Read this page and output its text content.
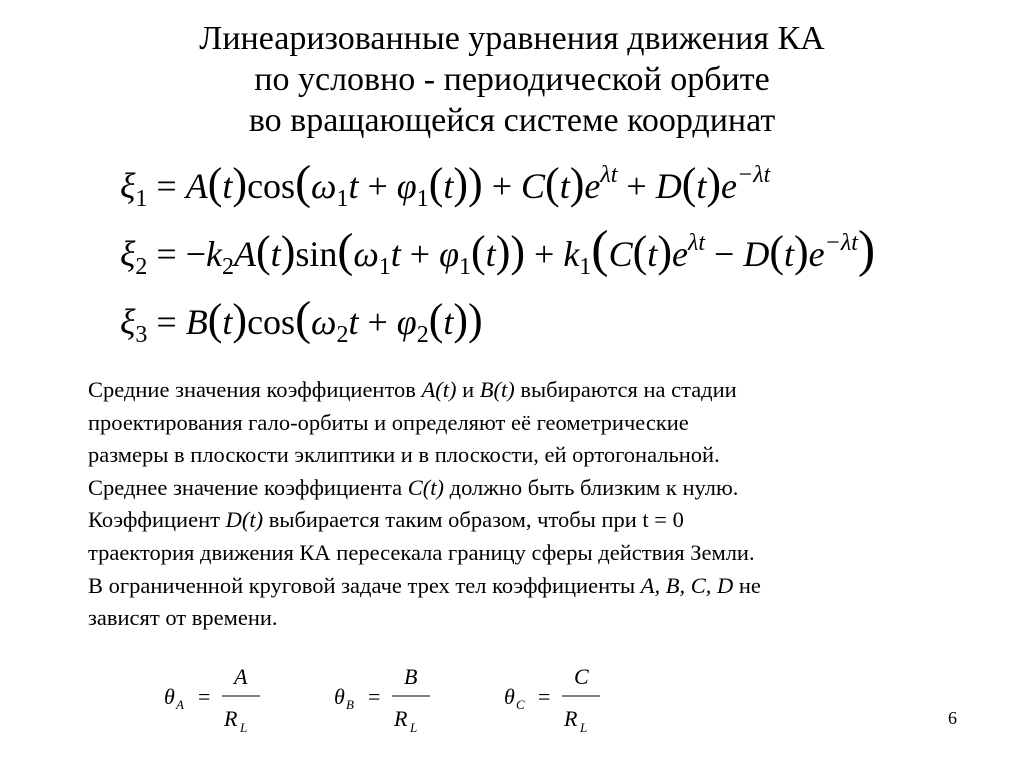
Линеаризованные уравнения движения КА
по условно - периодической орбите
во вращающейся системе координат
$\xi_1 = A(t)\cos(\omega_1t + \varphi_1(t)) + C(t)e^{\lambda t} + D(t)e^{-\lambda t}$
$\xi_2 = -k_2A(t)\sin(\omega_1t + \varphi_1(t)) + k_1(C(t)e^{\lambda t} - D(t)e^{-\lambda t})$
$\xi_3 = B(t)\cos(\omega_2t + \varphi_2(t))$
Средние значения коэффициентов A(t) и B(t) выбираются на стадии
проектирования гало-орбиты и определяют её геометрические
размеры в плоскости эклиптики и в плоскости, ей ортогональной.
Среднее значение коэффициента C(t) должно быть близким к нулю.
Коэффициент D(t) выбирается таким образом, чтобы при t = 0
траектория движения КА пересекала границу сферы действия Земли.
В ограниченной круговой задаче трех тел коэффициенты A, B, C, D не
зависят от времени.
θ A =
A
R L
θ B =
B
R L
θ C =
C
R L	6
